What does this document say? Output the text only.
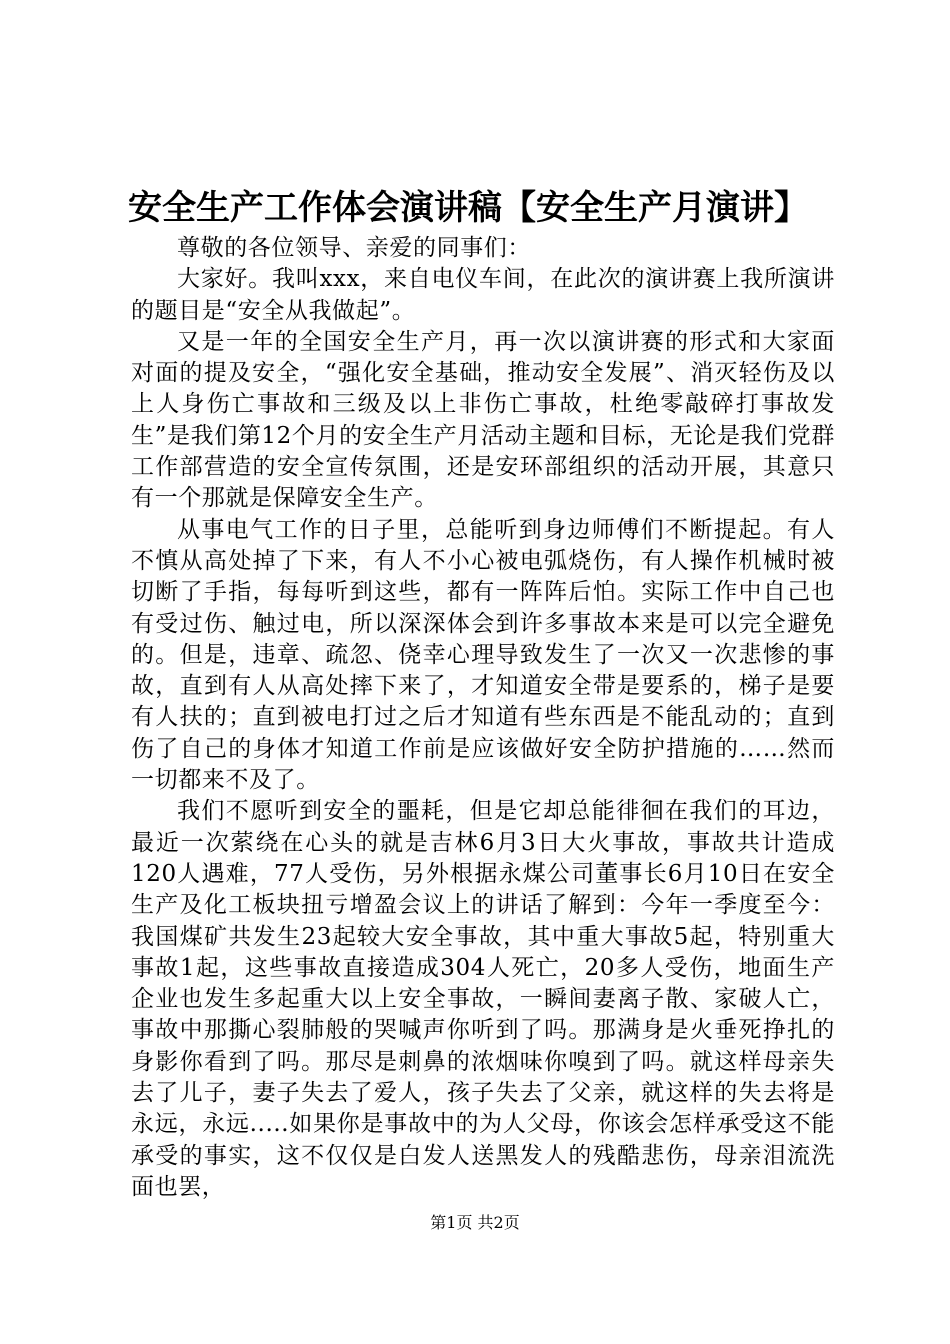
安全生产工作体会演讲稿【安全生产月演讲】

尊敬的各位领导、亲爱的同事们：

大家好。我叫xxx，来自电仪车间，在此次的演讲赛上我所演讲的题目是“安全从我做起”。

又是一年的全国安全生产月，再一次以演讲赛的形式和大家面对面的提及安全，“强化安全基础，推动安全发展”、消灭轻伤及以上人身伤亡事故和三级及以上非伤亡事故，杜绝零敲碎打事故发生”是我们第12个月的安全生产月活动主题和目标，无论是我们党群工作部营造的安全宣传氛围，还是安环部组织的活动开展，其意只有一个那就是保障安全生产。

从事电气工作的日子里，总能听到身边师傅们不断提起。有人不慎从高处掉了下来，有人不小心被电弧烧伤，有人操作机械时被切断了手指，每每听到这些，都有一阵阵后怕。实际工作中自己也有受过伤、触过电，所以深深体会到许多事故本来是可以完全避免的。但是，违章、疏忽、侥幸心理导致发生了一次又一次悲惨的事故，直到有人从高处摔下来了，才知道安全带是要系的，梯子是要有人扶的；直到被电打过之后才知道有些东西是不能乱动的；直到伤了自己的身体才知道工作前是应该做好安全防护措施的……然而一切都来不及了。

我们不愿听到安全的噩耗，但是它却总能徘徊在我们的耳边，最近一次萦绕在心头的就是吉林6月3日大火事故，事故共计造成120人遇难，77人受伤，另外根据永煤公司董事长6月10日在安全生产及化工板块扭亏增盈会议上的讲话了解到：今年一季度至今：我国煤矿共发生23起较大安全事故，其中重大事故5起，特别重大事故1起，这些事故直接造成304人死亡，20多人受伤，地面生产企业也发生多起重大以上安全事故，一瞬间妻离子散、家破人亡，事故中那撕心裂肺般的哭喊声你听到了吗。那满身是火垂死挣扎的身影你看到了吗。那尽是刺鼻的浓烟味你嗅到了吗。就这样母亲失去了儿子，妻子失去了爱人，孩子失去了父亲，就这样的失去将是永远，永远.....如果你是事故中的为人父母，你该会怎样承受这不能承受的事实，这不仅仅是白发人送黑发人的残酷悲伤，母亲泪流洗面也罢，

第1页 共2页
